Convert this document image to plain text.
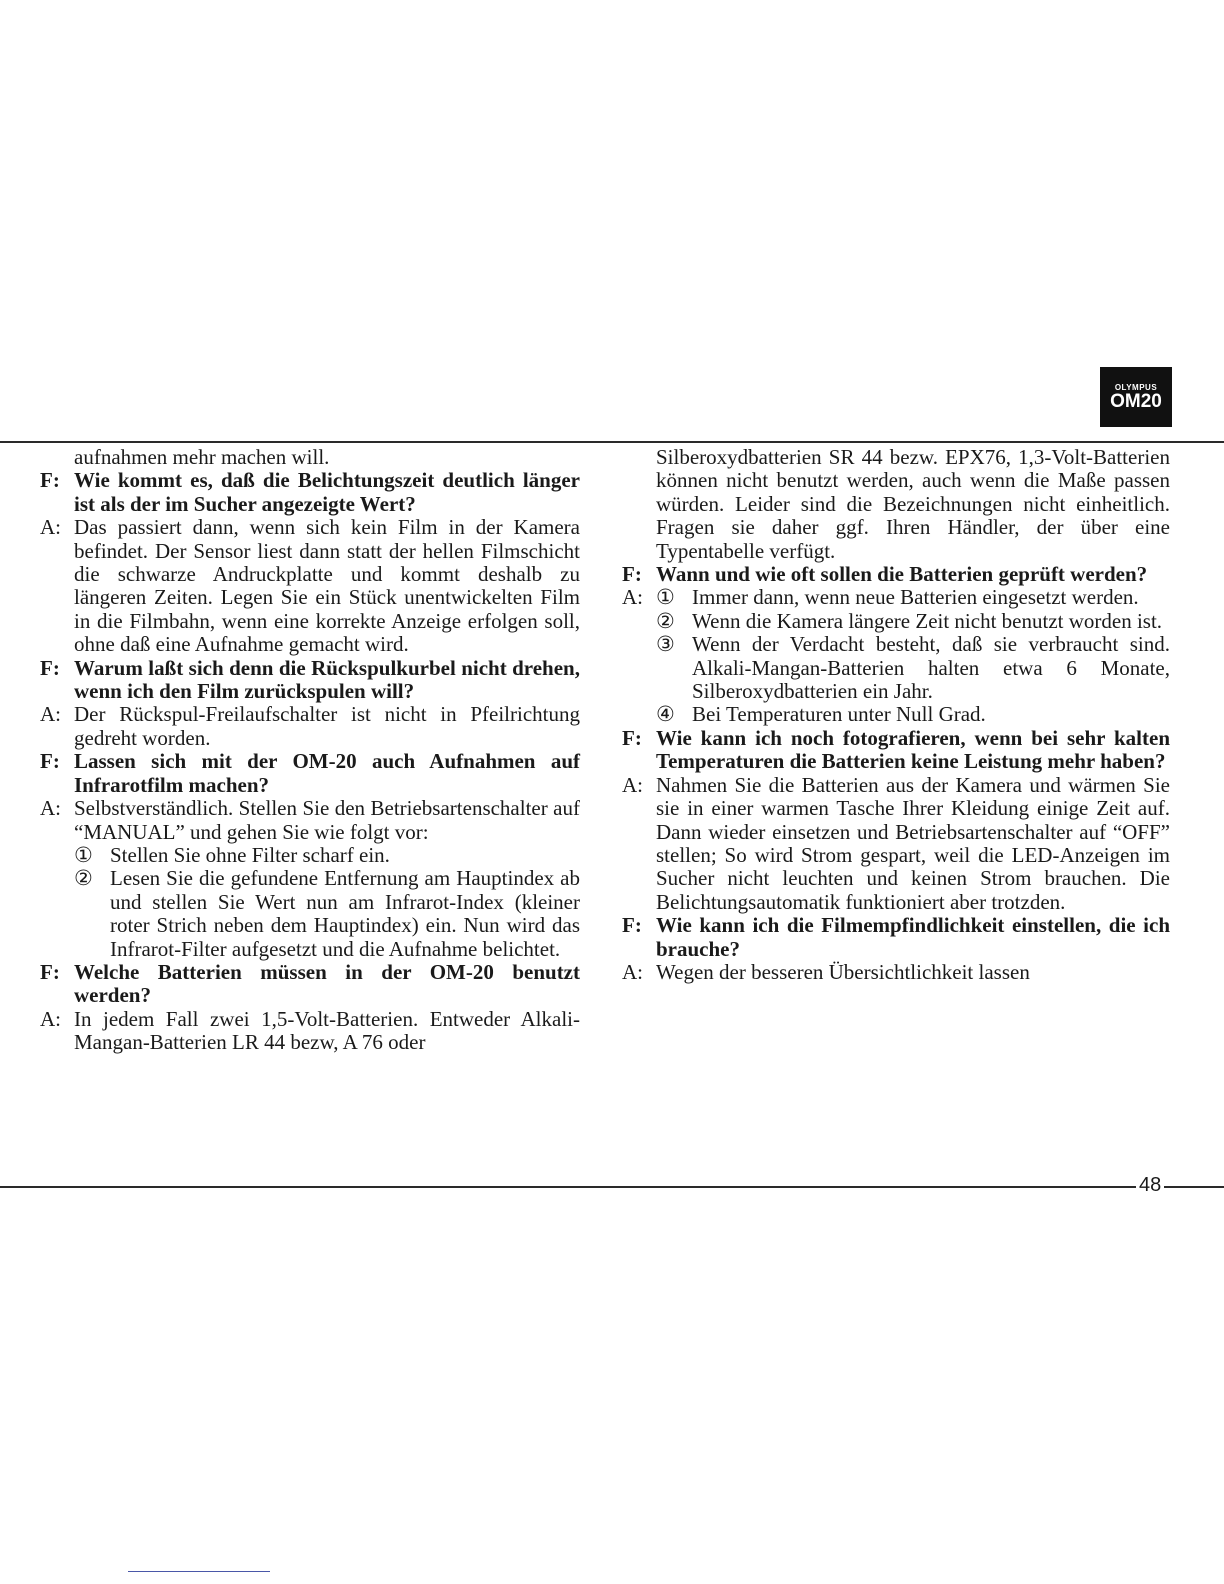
OLYMPUS
OM20
aufnahmen mehr machen will.
F: Wie kommt es, daß die Belichtungszeit deutlich länger ist als der im Sucher angezeigte Wert?
A: Das passiert dann, wenn sich kein Film in der Kamera befindet. Der Sensor liest dann statt der hellen Filmschicht die schwarze Andruckplatte und kommt deshalb zu längeren Zeiten. Legen Sie ein Stück unentwickelten Film in die Filmbahn, wenn eine korrekte Anzeige erfolgen soll, ohne daß eine Aufnahme gemacht wird.
F: Warum laßt sich denn die Rückspulkurbel nicht drehen, wenn ich den Film zurückspulen will?
A: Der Rückspul-Freilaufschalter ist nicht in Pfeilrichtung gedreht worden.
F: Lassen sich mit der OM-20 auch Aufnahmen auf Infrarotfilm machen?
A: Selbstverständlich. Stellen Sie den Betriebsartenschalter auf “MANUAL” und gehen Sie wie folgt vor:
① Stellen Sie ohne Filter scharf ein.
② Lesen Sie die gefundene Entfernung am Hauptindex ab und stellen Sie Wert nun am Infrarot-Index (kleiner roter Strich neben dem Hauptindex) ein. Nun wird das Infrarot-Filter aufgesetzt und die Aufnahme belichtet.
F: Welche Batterien müssen in der OM-20 benutzt werden?
A: In jedem Fall zwei 1,5-Volt-Batterien. Entweder Alkali-Mangan-Batterien LR 44 bezw, A 76 oder
Silberoxydbatterien SR 44 bezw. EPX76, 1,3-Volt-Batterien können nicht benutzt werden, auch wenn die Maße passen würden. Leider sind die Bezeichnungen nicht einheitlich. Fragen sie daher ggf. Ihren Händler, der über eine Typentabelle verfügt.
F: Wann und wie oft sollen die Batterien geprüft werden?
A: ① Immer dann, wenn neue Batterien eingesetzt werden.
② Wenn die Kamera längere Zeit nicht benutzt worden ist.
③ Wenn der Verdacht besteht, daß sie verbraucht sind. Alkali-Mangan-Batterien halten etwa 6 Monate, Silberoxydbatterien ein Jahr.
④ Bei Temperaturen unter Null Grad.
F: Wie kann ich noch fotografieren, wenn bei sehr kalten Temperaturen die Batterien keine Leistung mehr haben?
A: Nahmen Sie die Batterien aus der Kamera und wärmen Sie sie in einer warmen Tasche Ihrer Kleidung einige Zeit auf. Dann wieder einsetzen und Betriebsartenschalter auf “OFF” stellen; So wird Strom gespart, weil die LED-Anzeigen im Sucher nicht leuchten und keinen Strom brauchen. Die Belichtungsautomatik funktioniert aber trotzden.
F: Wie kann ich die Filmempfindlichkeit einstellen, die ich brauche?
A: Wegen der besseren Übersichtlichkeit lassen
48
